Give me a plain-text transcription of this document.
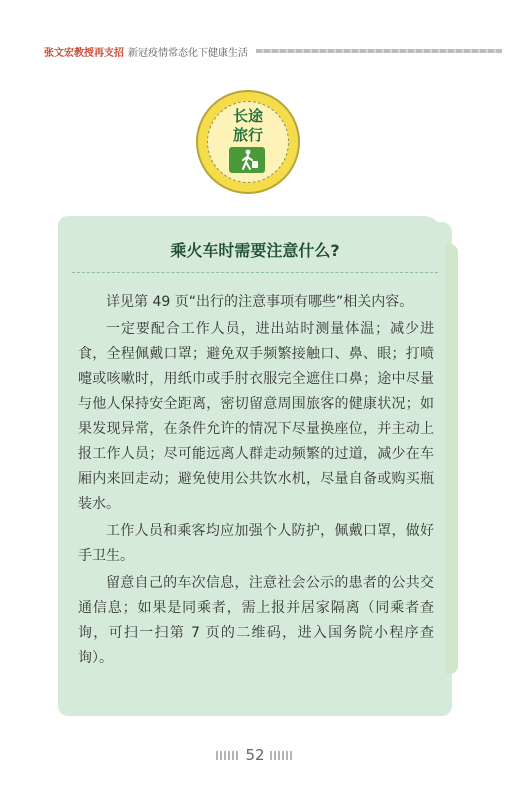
张文宏教授再支招 新冠疫情常态化下健康生活
长途
旅行
乘火车时需要注意什么?

详见第 49 页“出行的注意事项有哪些”相关内容。

一定要配合工作人员，进出站时测量体温；减少进食，全程佩戴口罩；避免双手频繁接触口、鼻、眼；打喷嚏或咳嗽时，用纸巾或手肘衣服完全遮住口鼻；途中尽量与他人保持安全距离，密切留意周围旅客的健康状况；如果发现异常，在条件允许的情况下尽量换座位，并主动上报工作人员；尽可能远离人群走动频繁的过道，减少在车厢内来回走动；避免使用公共饮水机，尽量自备或购买瓶装水。

工作人员和乘客均应加强个人防护，佩戴口罩，做好手卫生。

留意自己的车次信息，注意社会公示的患者的公共交通信息；如果是同乘者，需上报并居家隔离（同乘者查询，可扫一扫第 7 页的二维码，进入国务院小程序查询）。

52
